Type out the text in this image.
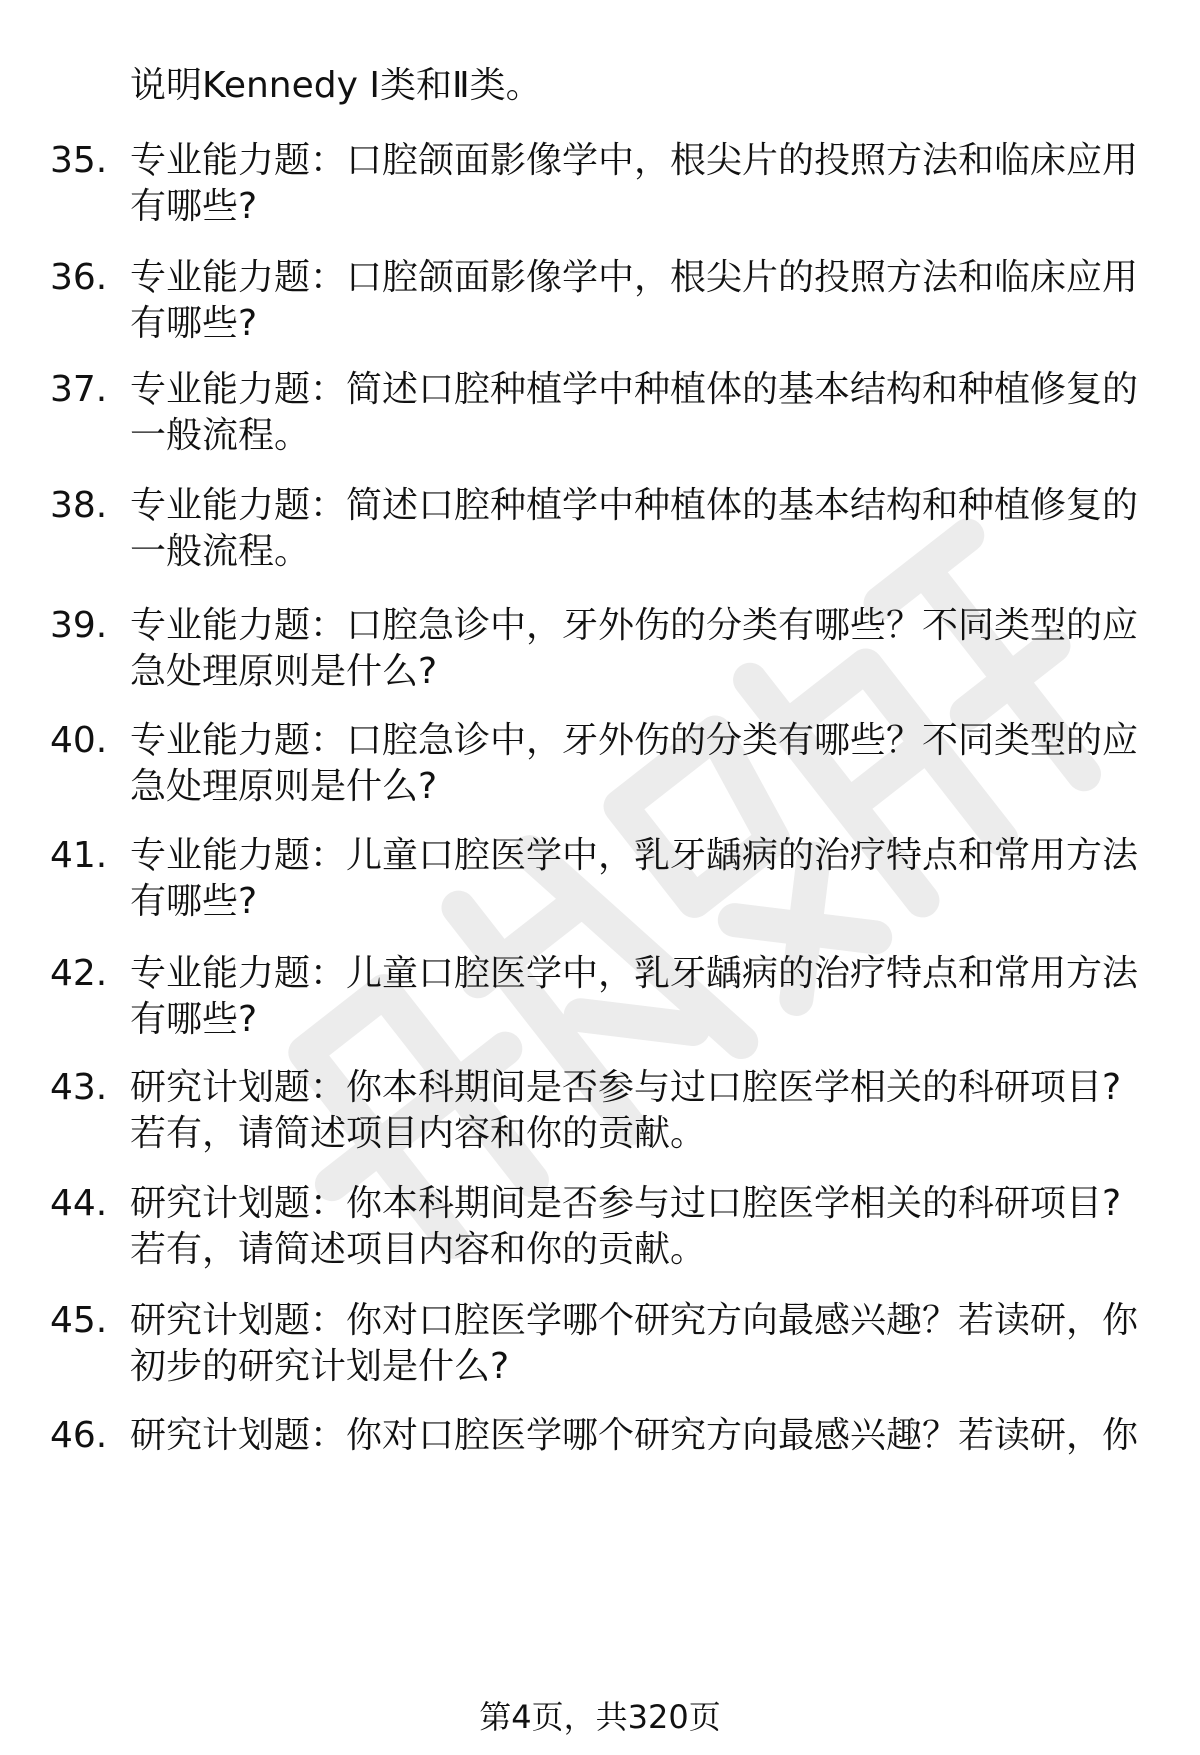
说明Kennedy Ⅰ类和Ⅱ类。
35. 专业能力题：口腔颌面影像学中，根尖片的投照方法和临床应用
有哪些?
36. 专业能力题：口腔颌面影像学中，根尖片的投照方法和临床应用
有哪些?
37. 专业能力题：简述口腔种植学中种植体的基本结构和种植修复的
一般流程。
38. 专业能力题：简述口腔种植学中种植体的基本结构和种植修复的
一般流程。
39. 专业能力题：口腔急诊中，牙外伤的分类有哪些？不同类型的应
急处理原则是什么?
40. 专业能力题：口腔急诊中，牙外伤的分类有哪些？不同类型的应
急处理原则是什么?
41. 专业能力题：儿童口腔医学中，乳牙龋病的治疗特点和常用方法
有哪些?
42. 专业能力题：儿童口腔医学中，乳牙龋病的治疗特点和常用方法
有哪些?
43. 研究计划题：你本科期间是否参与过口腔医学相关的科研项目?
若有，请简述项目内容和你的贡献。
44. 研究计划题：你本科期间是否参与过口腔医学相关的科研项目?
若有，请简述项目内容和你的贡献。
45. 研究计划题：你对口腔医学哪个研究方向最感兴趣？若读研，你
初步的研究计划是什么?
46. 研究计划题：你对口腔医学哪个研究方向最感兴趣？若读研，你
第4页，共320页
